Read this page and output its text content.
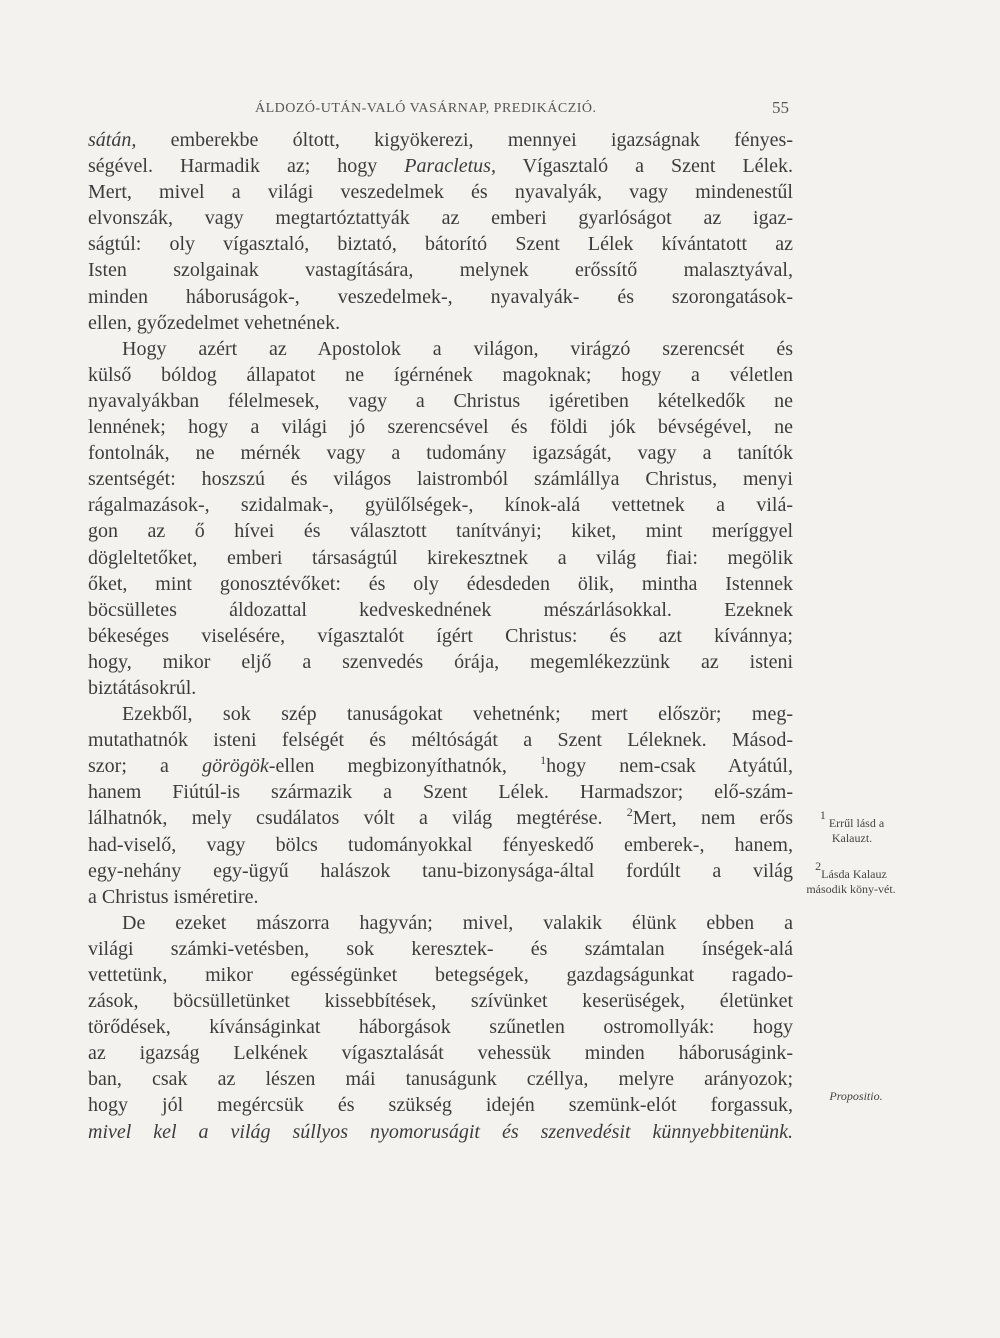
ÁLDOZÓ-UTÁN-VALÓ VASÁRNAP, PREDIKÁCZIÓ.	55
sátán, emberekbe óltott, kigyökerezi, mennyei igazságnak fényes-
ségével. Harmadik az; hogy Paracletus, Vígasztaló a Szent Lélek.
Mert, mivel a világi veszedelmek és nyavalyák, vagy mindenestűl
elvonszák, vagy megtartóztattyák az emberi gyarlóságot az igaz-
ságtúl: oly vígasztaló, biztató, bátorító Szent Lélek kívántatott az
Isten szolgainak vastagítására, melynek erőssítő malasztyával,
minden háboruságok-, veszedelmek-, nyavalyák- és szorongatások-
ellen, győzedelmet vehetnének.
Hogy azért az Apostolok a világon, virágzó szerencsét és
külső bóldog állapatot ne ígérnének magoknak; hogy a véletlen
nyavalyákban félelmesek, vagy a Christus igéretiben kételkedők ne
lennének; hogy a világi jó szerencsével és földi jók bévségével, ne
fontolnák, ne mérnék vagy a tudomány igazságát, vagy a tanítók
szentségét: hoszszú és világos laistromból számlállya Christus, menyi
rágalmazások-, szidalmak-, gyülőlségek-, kínok-alá vettetnek a vilá-
gon az ő hívei és választott tanítványi; kiket, mint meríggyel
dögleltetőket, emberi társaságtúl kirekesztnek a világ fiai: megölik
őket, mint gonosztévőket: és oly édesdeden ölik, mintha Istennek
böcsülletes áldozattal kedveskednének mészárlásokkal. Ezeknek
békeséges viselésére, vígasztalót ígért Christus: és azt kívánnya;
hogy, mikor eljő a szenvedés órája, megemlékezzünk az isteni
biztátásokrúl.
Ezekből, sok szép tanuságokat vehetnénk; mert először; meg-
mutathatnók isteni felségét és méltóságát a Szent Léleknek. Másod-
szor; a görögök-ellen megbizonyíthatnók, $^1$hogy nem-csak Atyátúl,
hanem Fiútúl-is származik a Szent Lélek. Harmadszor; elő-szám-
lálhatnók, mely csudálatos vólt a világ megtérése. $^2$Mert, nem erős
had-viselő, vagy bölcs tudományokkal fényeskedő emberek-, hanem,
egy-nehány egy-ügyű halászok tanu-bizonysága-által fordúlt a világ
a Christus isméretire.
De ezeket mászorra hagyván; mivel, valakik élünk ebben a
világi számki-vetésben, sok keresztek- és számtalan ínségek-alá
vettetünk, mikor egésségünket betegségek, gazdagságunkat ragado-
zások, böcsülletünket kissebbítések, szívünket keserüségek, életünket
törődések, kívánságinkat háborgások szűnetlen ostromollyák: hogy
az igazság Lelkének vígasztalását vehessük minden háboruságink-
ban, csak az lészen mái tanuságunk czéllya, melyre arányozok;
hogy jól megércsük és szükség idején szemünk-elót forgassuk,
mivel kel a világ súllyos nyomoruságit és szenvedésit künnyebbitenünk.
$^1$ Errűl lásd a Kalauzt.
$^2$Lásda Kalauz második köny-vét.
Propositio.
